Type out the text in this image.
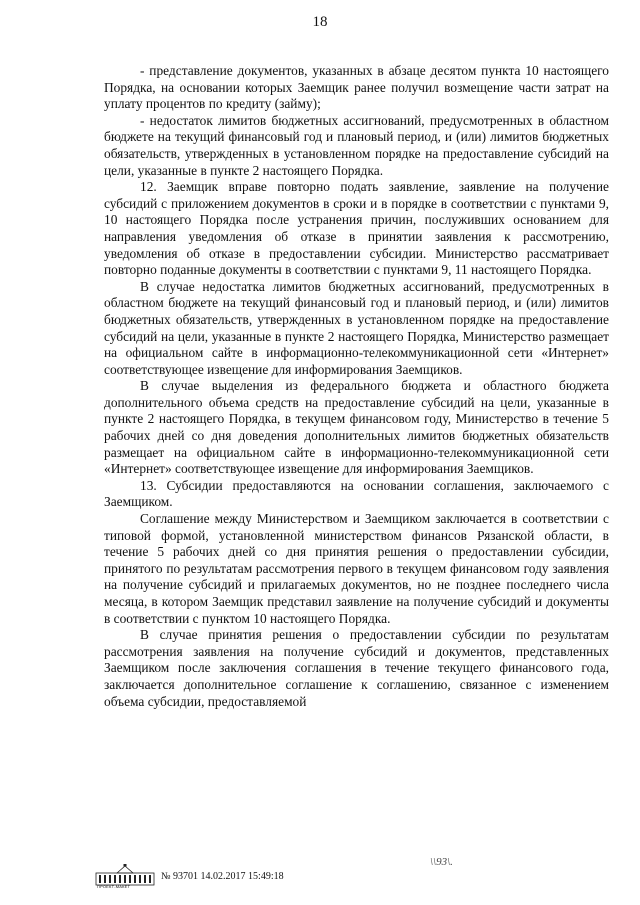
18

- представление документов, указанных в абзаце десятом пункта 10 настоящего Порядка, на основании которых Заемщик ранее получил возмещение части затрат на уплату процентов по кредиту (займу);

- недостаток лимитов бюджетных ассигнований, предусмотренных в областном бюджете на текущий финансовый год и плановый период, и (или) лимитов бюджетных обязательств, утвержденных в установленном порядке на предоставление субсидий на цели, указанные в пункте 2 настоящего Порядка.

12. Заемщик вправе повторно подать заявление, заявление на получение субсидий с приложением документов в сроки и в порядке в соответствии с пунктами 9, 10 настоящего Порядка после устранения причин, послуживших основанием для направления уведомления об отказе в принятии заявления к рассмотрению, уведомления об отказе в предоставлении субсидии. Министерство рассматривает повторно поданные документы в соответствии с пунктами 9, 11 настоящего Порядка.

В случае недостатка лимитов бюджетных ассигнований, предусмотренных в областном бюджете на текущий финансовый год и плановый период, и (или) лимитов бюджетных обязательств, утвержденных в установленном порядке на предоставление субсидий на цели, указанные в пункте 2 настоящего Порядка, Министерство размещает на официальном сайте в информационно-телекоммуникационной сети «Интернет» соответствующее извещение для информирования Заемщиков.

В случае выделения из федерального бюджета и областного бюджета дополнительного объема средств на предоставление субсидий на цели, указанные в пункте 2 настоящего Порядка, в текущем финансовом году, Министерство в течение 5 рабочих дней со дня доведения дополнительных лимитов бюджетных обязательств размещает на официальном сайте в информационно-телекоммуникационной сети «Интернет» соответствующее извещение для информирования Заемщиков.

13. Субсидии предоставляются на основании соглашения, заключаемого с Заемщиком.

Соглашение между Министерством и Заемщиком заключается в соответствии с типовой формой, установленной министерством финансов Рязанской области, в течение 5 рабочих дней со дня принятия решения о предоставлении субсидии, принятого по результатам рассмотрения первого в текущем финансовом году заявления на получение субсидий и прилагаемых документов, но не позднее последнего числа месяца, в котором Заемщик представил заявление на получение субсидий и документы в соответствии с пунктом 10 настоящего Порядка.

В случае принятия решения о предоставлении субсидии по результатам рассмотрения заявления на получение субсидий и документов, представленных Заемщиком после заключения соглашения в течение текущего финансового года, заключается дополнительное соглашение к соглашению, связанное с изменением объема субсидии, предоставляемой

ПРОЕКТ-МАКЕТ
№ 93701 14.02.2017 15:49:18
\\93\.
